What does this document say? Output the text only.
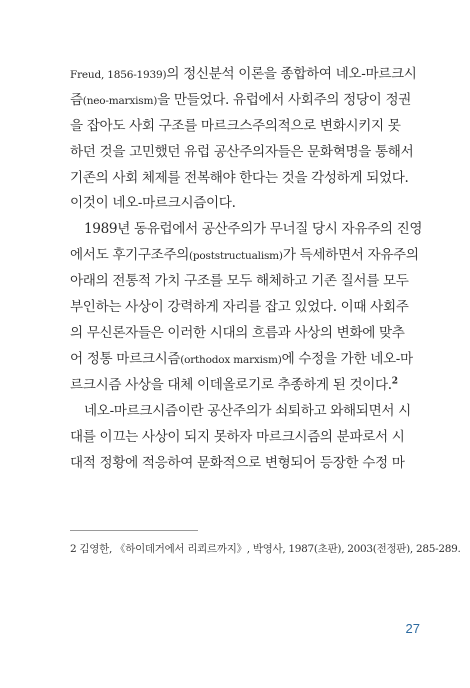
Freud, 1856-1939)의 정신분석 이론을 종합하여 네오-마르크시
즘(neo-marxism)을 만들었다. 유럽에서 사회주의 정당이 정권
을 잡아도 사회 구조를 마르크스주의적으로 변화시키지 못
하던 것을 고민했던 유럽 공산주의자들은 문화혁명을 통해서
기존의 사회 체제를 전복해야 한다는 것을 각성하게 되었다.
이것이 네오-마르크시즘이다.
1989년 동유럽에서 공산주의가 무너질 당시 자유주의 진영
에서도 후기구조주의(poststructualism)가 득세하면서 자유주의
아래의 전통적 가치 구조를 모두 해체하고 기존 질서를 모두
부인하는 사상이 강력하게 자리를 잡고 있었다. 이때 사회주
의 무신론자들은 이러한 시대의 흐름과 사상의 변화에 맞추
어 정통 마르크시즘(orthodox marxism)에 수정을 가한 네오-마
르크시즘 사상을 대체 이데올로기로 추종하게 된 것이다.$^2$
네오-마르크시즘이란 공산주의가 쇠퇴하고 와해되면서 시
대를 이끄는 사상이 되지 못하자 마르크시즘의 분파로서 시
대적 정황에 적응하여 문화적으로 변형되어 등장한 수정 마
2 김영한, 《하이데거에서 리쾨르까지》, 박영사, 1987(초판), 2003(전정판), 285-289.
27
